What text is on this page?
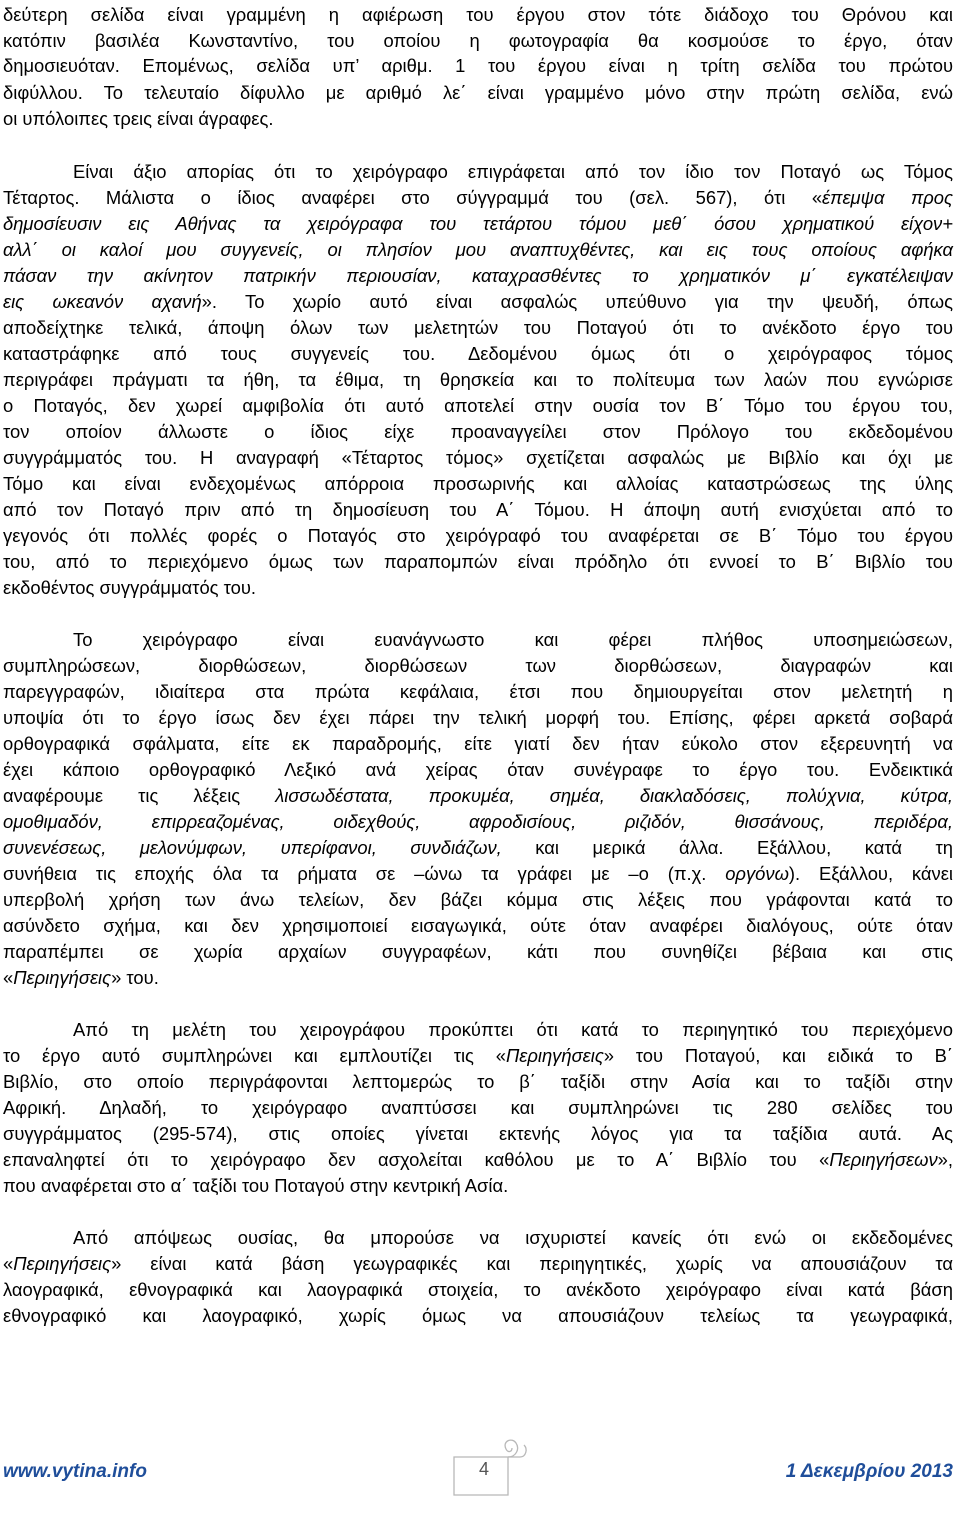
δεύτερη σελίδα είναι γραμμένη η αφιέρωση του έργου στον τότε διάδοχο του Θρόνου και
κατόπιν βασιλέα Κωνσταντίνο, του οποίου η φωτογραφία θα κοσμούσε το έργο, όταν
δημοσιευόταν. Επομένως, σελίδα υπ’ αριθμ. 1 του έργου είναι η τρίτη σελίδα του πρώτου
διφύλλου. Το τελευταίο δίφυλλο με αριθμό λε΄ είναι γραμμένο μόνο στην πρώτη σελίδα, ενώ
οι υπόλοιπες τρεις είναι άγραφες.
Είναι άξιο απορίας ότι το χειρόγραφο επιγράφεται από τον ίδιο τον Ποταγό ως Τόμος
Τέταρτος. Μάλιστα ο ίδιος αναφέρει στο σύγγραμμά του (σελ. 567), ότι «έπεμψα προς
δημοσίευσιν εις Αθήνας τα χειρόγραφα του τετάρτου τόμου μεθ΄ όσου χρηματικού είχον+
αλλ΄ οι καλοί μου συγγενείς, οι πλησίον μου αναπτυχθέντες, και εις τους οποίους αφήκα
πάσαν την ακίνητον πατρικήν περιουσίαν, καταχρασθέντες το χρηματικόν μ΄ εγκατέλειψαν
εις ωκεανόν αχανή». Το χωρίο αυτό είναι ασφαλώς υπεύθυνο για την ψευδή, όπως
αποδείχτηκε τελικά, άποψη όλων των μελετητών του Ποταγού ότι το ανέκδοτο έργο του
καταστράφηκε από τους συγγενείς του. Δεδομένου όμως ότι ο χειρόγραφος τόμος
περιγράφει πράγματι τα ήθη, τα έθιμα, τη θρησκεία και το πολίτευμα των λαών που εγνώρισε
ο Ποταγός, δεν χωρεί αμφιβολία ότι αυτό αποτελεί στην ουσία τον Β΄ Τόμο του έργου του,
τον οποίον άλλωστε ο ίδιος είχε προαναγγείλει στον Πρόλογο του εκδεδομένου
συγγράμματός του. Η αναγραφή «Τέταρτος τόμος» σχετίζεται ασφαλώς με Βιβλίο και όχι με
Τόμο και είναι ενδεχομένως απόρροια προσωρινής και αλλοίας καταστρώσεως της ύλης
από τον Ποταγό πριν από τη δημοσίευση του Α΄ Τόμου. Η άποψη αυτή ενισχύεται από το
γεγονός ότι πολλές φορές ο Ποταγός στο χειρόγραφό του αναφέρεται σε Β΄ Τόμο του έργου
του, από το περιεχόμενο όμως των παραπομπών είναι πρόδηλο ότι εννοεί το Β΄ Βιβλίο του
εκδοθέντος συγγράμματός του.
Το χειρόγραφο είναι ευανάγνωστο και φέρει πλήθος υποσημειώσεων,
συμπληρώσεων, διορθώσεων, διορθώσεων των διορθώσεων, διαγραφών και
παρεγγραφών, ιδιαίτερα στα πρώτα κεφάλαια, έτσι που δημιουργείται στον μελετητή η
υποψία ότι το έργο ίσως δεν έχει πάρει την τελική μορφή του. Επίσης, φέρει αρκετά σοβαρά
ορθογραφικά σφάλματα, είτε εκ παραδρομής, είτε γιατί δεν ήταν εύκολο στον εξερευνητή να
έχει κάποιο ορθογραφικό Λεξικό ανά χείρας όταν συνέγραφε το έργο του. Ενδεικτικά
αναφέρουμε τις λέξεις λισσωδέστατα, προκυμέα, σημέα, διακλαδόσεις, πολύχνια, κύτρα,
ομοθιμαδόν, επιρρεαζομένας, οιδεχθούς, αφροδισίους, ριζιδόν, θισσάνους, περιδέρα,
συνενέσεως, μελονύμφων, υπερίφανοι, συνδιάζων, και μερικά άλλα. Εξάλλου, κατά τη
συνήθεια τις εποχής όλα τα ρήματα σε –ώνω τα γράφει με –ο (π.χ. οργόνω). Εξάλλου, κάνει
υπερβολή χρήση των άνω τελείων, δεν βάζει κόμμα στις λέξεις που γράφονται κατά το
ασύνδετο σχήμα, και δεν χρησιμοποιεί εισαγωγικά, ούτε όταν αναφέρει διαλόγους, ούτε όταν
παραπέμπει σε χωρία αρχαίων συγγραφέων, κάτι που συνηθίζει βέβαια και στις
«Περιηγήσεις» του.
Από τη μελέτη του χειρογράφου προκύπτει ότι κατά το περιηγητικό του περιεχόμενο
το έργο αυτό συμπληρώνει και εμπλουτίζει τις «Περιηγήσεις» του Ποταγού, και ειδικά το Β΄
Βιβλίο, στο οποίο περιγράφονται λεπτομερώς το β΄ ταξίδι στην Ασία και το ταξίδι στην
Αφρική. Δηλαδή, το χειρόγραφο αναπτύσσει και συμπληρώνει τις 280 σελίδες του
συγγράμματος (295-574), στις οποίες γίνεται εκτενής λόγος για τα ταξίδια αυτά. Ας
επαναληφτεί ότι το χειρόγραφο δεν ασχολείται καθόλου με το Α΄ Βιβλίο του «Περιηγήσεων»,
που αναφέρεται στο α΄ ταξίδι του Ποταγού στην κεντρική Ασία.
Από απόψεως ουσίας, θα μπορούσε να ισχυριστεί κανείς ότι ενώ οι εκδεδομένες
«Περιηγήσεις» είναι κατά βάση γεωγραφικές και περιηγητικές, χωρίς να απουσιάζουν τα
λαογραφικά, εθνογραφικά και λαογραφικά στοιχεία, το ανέκδοτο χειρόγραφο είναι κατά βάση
εθνογραφικό και λαογραφικό, χωρίς όμως να απουσιάζουν τελείως τα γεωγραφικά,
www.vytina.info	4	1 Δεκεμβρίου 2013
